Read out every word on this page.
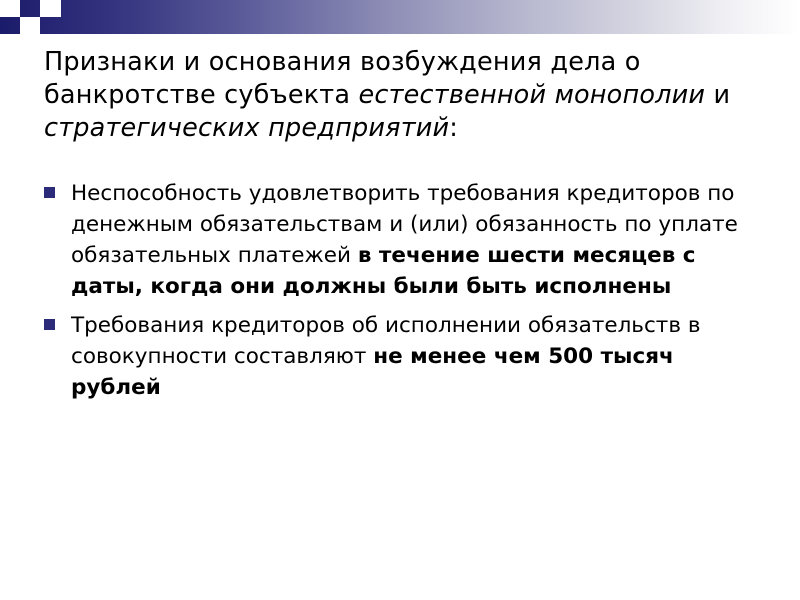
Признаки и основания возбуждения дела о банкротстве субъекта естественной монополии и стратегических предприятий:
Неспособность удовлетворить требования кредиторов по денежным обязательствам и (или) обязанность по уплате обязательных платежей в течение шести месяцев с даты, когда они должны были быть исполнены
Требования кредиторов об исполнении обязательств в совокупности составляют не менее чем 500 тысяч рублей
